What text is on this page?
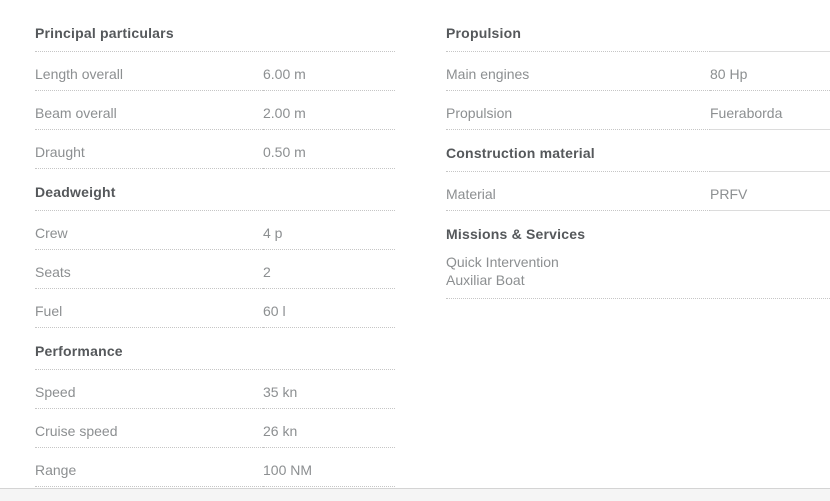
Principal particulars
Length overall	6.00 m
Beam overall	2.00 m
Draught	0.50 m
Deadweight
Crew	4 p
Seats	2
Fuel	60 l
Performance
Speed	35 kn
Cruise speed	26 kn
Range	100 NM
Propulsion
Main engines	80 Hp
Propulsion	Fueraborda
Construction material
Material	PRFV
Missions & Services
Quick Intervention
Auxiliar Boat
